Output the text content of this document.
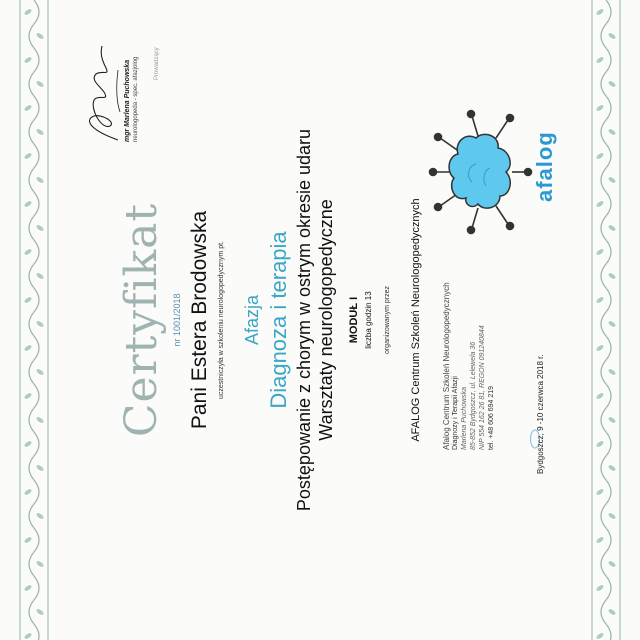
Certyfikat nr 1001/2018 Pani Estera Brodowska uczestniczyła w szkoleniu neurologopedycznym pt. Afazja Diagnoza i terapia Postępowanie z chorym w ostrym okresie udaru Warsztaty neurologopedyczne MODUŁ I liczba godzin 13 organizowanym przez AFALOG Centrum Szkoleń Neurologopedycznych	Afalog Centrum Szkoleń Neurologopedycznych Diagnozy i Terapii Afazji Marlena Puchowska 85-852 Bydgoszcz, ul. Lelewela 36 NIP 554 162 26 81, REGON 091240844 tel. +48 606 694 219	Bydgoszcz, 9 -10 czerwca 2018 r.
afalog
mgr Marlena Puchowska neurologopeda - spec. afazjolog	Prowadzący
